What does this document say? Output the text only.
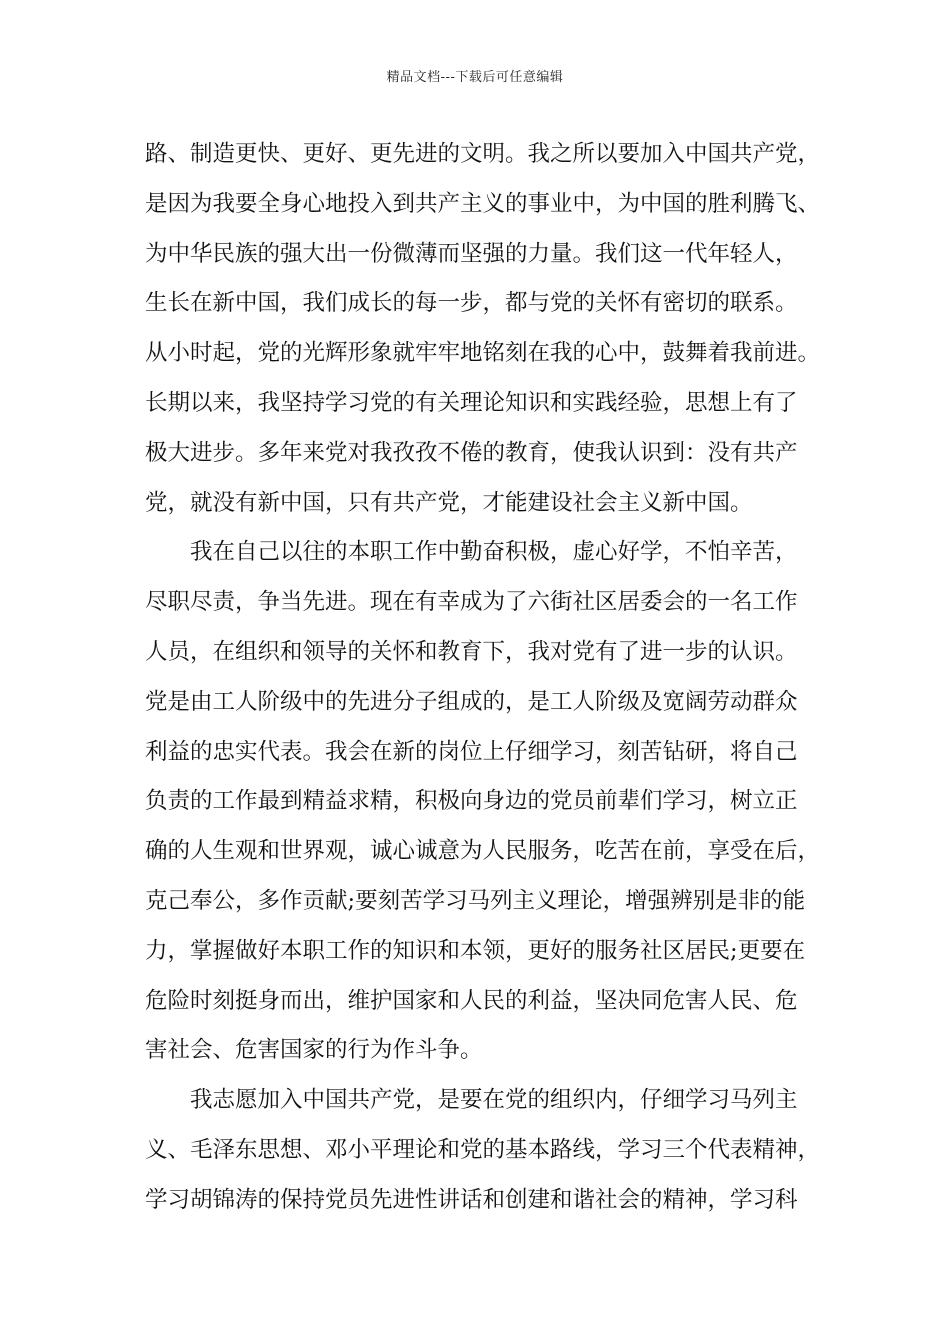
精品文档---下载后可任意编辑
路、制造更快、更好、更先进的文明。我之所以要加入中国共产党，
是因为我要全身心地投入到共产主义的事业中，为中国的胜利腾飞、
为中华民族的强大出一份微薄而坚强的力量。我们这一代年轻人，
生长在新中国，我们成长的每一步，都与党的关怀有密切的联系。
从小时起，党的光辉形象就牢牢地铭刻在我的心中，鼓舞着我前进。
长期以来，我坚持学习党的有关理论知识和实践经验，思想上有了
极大进步。多年来党对我孜孜不倦的教育，使我认识到：没有共产
党，就没有新中国，只有共产党，才能建设社会主义新中国。
我在自己以往的本职工作中勤奋积极，虚心好学，不怕辛苦，
尽职尽责，争当先进。现在有幸成为了六街社区居委会的一名工作
人员，在组织和领导的关怀和教育下，我对党有了进一步的认识。
党是由工人阶级中的先进分子组成的，是工人阶级及宽阔劳动群众
利益的忠实代表。我会在新的岗位上仔细学习，刻苦钻研，将自己
负责的工作最到精益求精，积极向身边的党员前辈们学习，树立正
确的人生观和世界观，诚心诚意为人民服务，吃苦在前，享受在后，
克己奉公，多作贡献;要刻苦学习马列主义理论，增强辨别是非的能
力，掌握做好本职工作的知识和本领，更好的服务社区居民;更要在
危险时刻挺身而出，维护国家和人民的利益，坚决同危害人民、危
害社会、危害国家的行为作斗争。
我志愿加入中国共产党，是要在党的组织内，仔细学习马列主
义、毛泽东思想、邓小平理论和党的基本路线，学习三个代表精神，
学习胡锦涛的保持党员先进性讲话和创建和谐社会的精神，学习科
